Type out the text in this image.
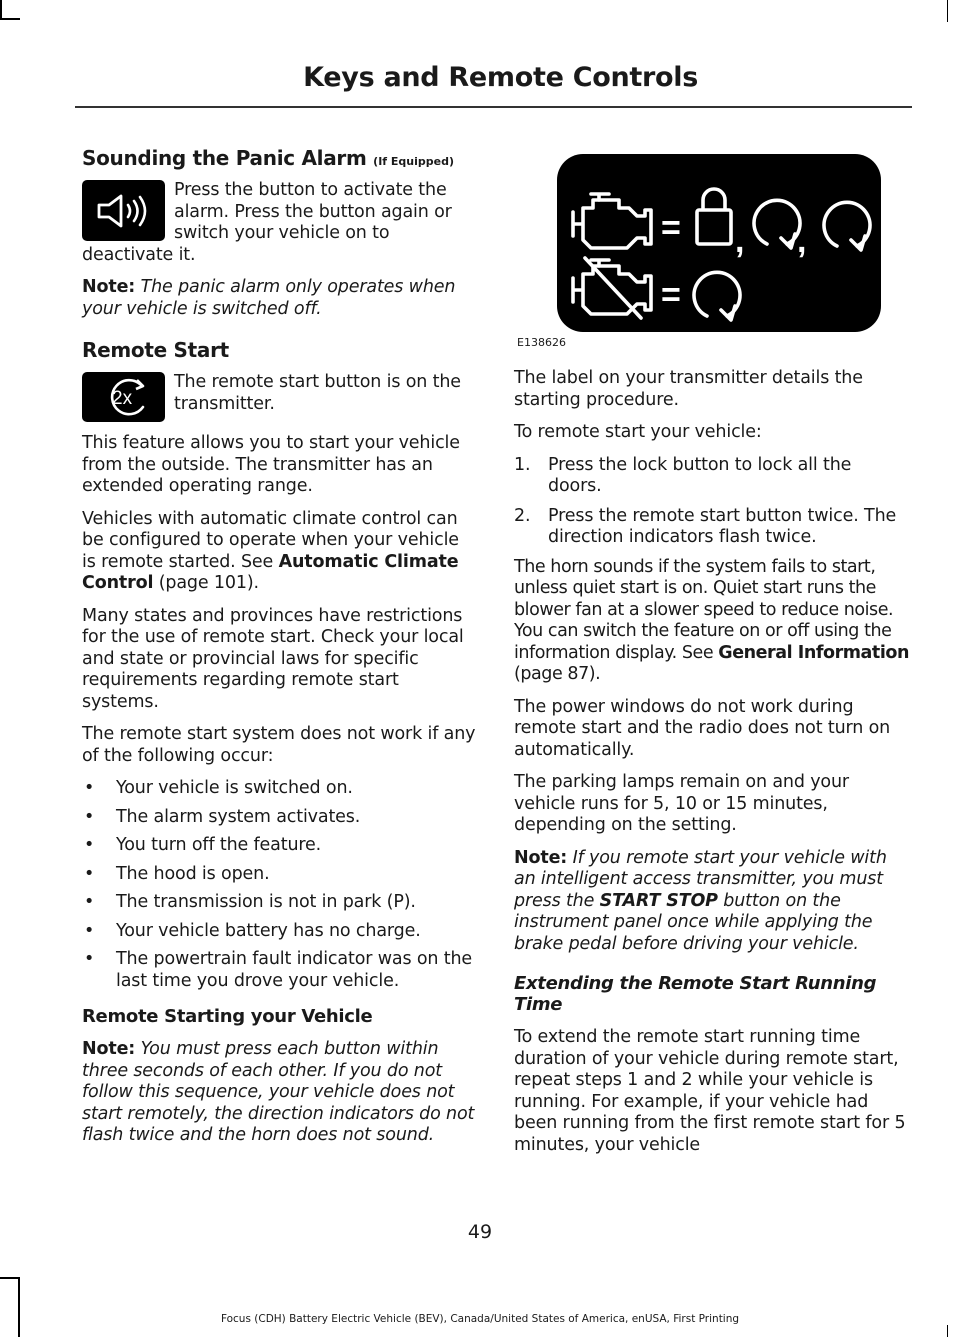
Keys and Remote Controls
Sounding the Panic Alarm (If Equipped)
Press the button to activate the alarm. Press the button again or switch your vehicle on to deactivate it.
Note: The panic alarm only operates when your vehicle is switched off.
Remote Start
2x
The remote start button is on the transmitter.
This feature allows you to start your vehicle from the outside. The transmitter has an extended operating range.
Vehicles with automatic climate control can be configured to operate when your vehicle is remote started. See Automatic Climate Control (page 101).
Many states and provinces have restrictions for the use of remote start. Check your local and state or provincial laws for specific requirements regarding remote start systems.
The remote start system does not work if any of the following occur:
•	Your vehicle is switched on.
•	The alarm system activates.
•	You turn off the feature.
•	The hood is open.
•	The transmission is not in park (P).
•	Your vehicle battery has no charge.
•	The powertrain fault indicator was on the last time you drove your vehicle.
Remote Starting your Vehicle
Note: You must press each button within three seconds of each other. If you do not follow this sequence, your vehicle does not start remotely, the direction indicators do not flash twice and the horn does not sound.
= , ,
=
E138626
The label on your transmitter details the starting procedure.
To remote start your vehicle:
1.	Press the lock button to lock all the doors.
2.	Press the remote start button twice. The direction indicators flash twice.
The horn sounds if the system fails to start, unless quiet start is on. Quiet start runs the blower fan at a slower speed to reduce noise. You can switch the feature on or off using the information display. See General Information (page 87).
The power windows do not work during remote start and the radio does not turn on automatically.
The parking lamps remain on and your vehicle runs for 5, 10 or 15 minutes, depending on the setting.
Note: If you remote start your vehicle with an intelligent access transmitter, you must press the START STOP button on the instrument panel once while applying the brake pedal before driving your vehicle.
Extending the Remote Start Running Time
To extend the remote start running time duration of your vehicle during remote start, repeat steps 1 and 2 while your vehicle is running. For example, if your vehicle had been running from the first remote start for 5 minutes, your vehicle
49
Focus (CDH) Battery Electric Vehicle (BEV), Canada/United States of America, enUSA, First Printing
